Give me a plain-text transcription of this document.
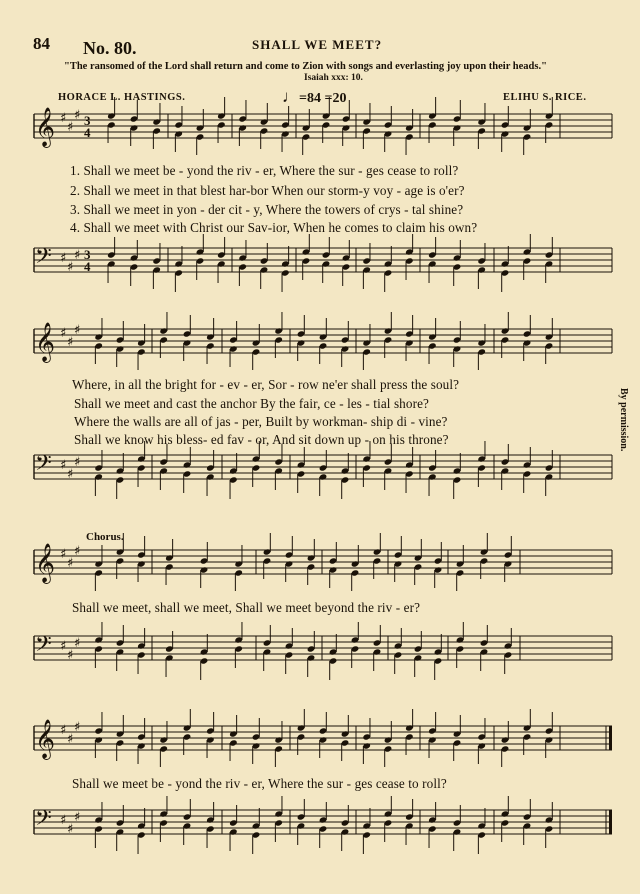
84 No. 80.	SHALL WE MEET?
"The ransomed of the Lord shall return and come to Zion with songs and everlasting joy upon their heads."
Isaiah xxx: 10.
HORACE L. HASTINGS.	ELIHU S. RICE.
♩=84 =20
By permission.
Chorus.
1. Shall we meet be - yond the riv - er, Where the sur - ges cease to roll?
2. Shall we meet in that blest har-bor When our storm-y voy - age is o'er?
3. Shall we meet in yon - der cit - y, Where the towers of crys - tal shine?
4. Shall we meet with Christ our Sav-ior, When he comes to claim his own?
Where, in all the bright for - ev - er, Sor - row ne'er shall press the soul?
Shall we meet and cast the anchor By the fair, ce - les - tial shore?
Where the walls are all of jas - per, Built by workman- ship di - vine?
Shall we know his bless- ed fav - or, And sit down up - on his throne?
Shall we meet, shall we meet, Shall we meet beyond the riv - er?
Shall we meet be - yond the riv - er, Where the sur - ges cease to roll?
𝄞 ♯
♯
♯ 3
4
𝄢 ♯
♯
♯ 3
4
𝄞 ♯
♯
♯
𝄢 ♯
♯
♯
𝄞 ♯
♯
♯
𝄢 ♯
♯
♯
𝄞 ♯
♯
♯
𝄢 ♯
♯
♯
